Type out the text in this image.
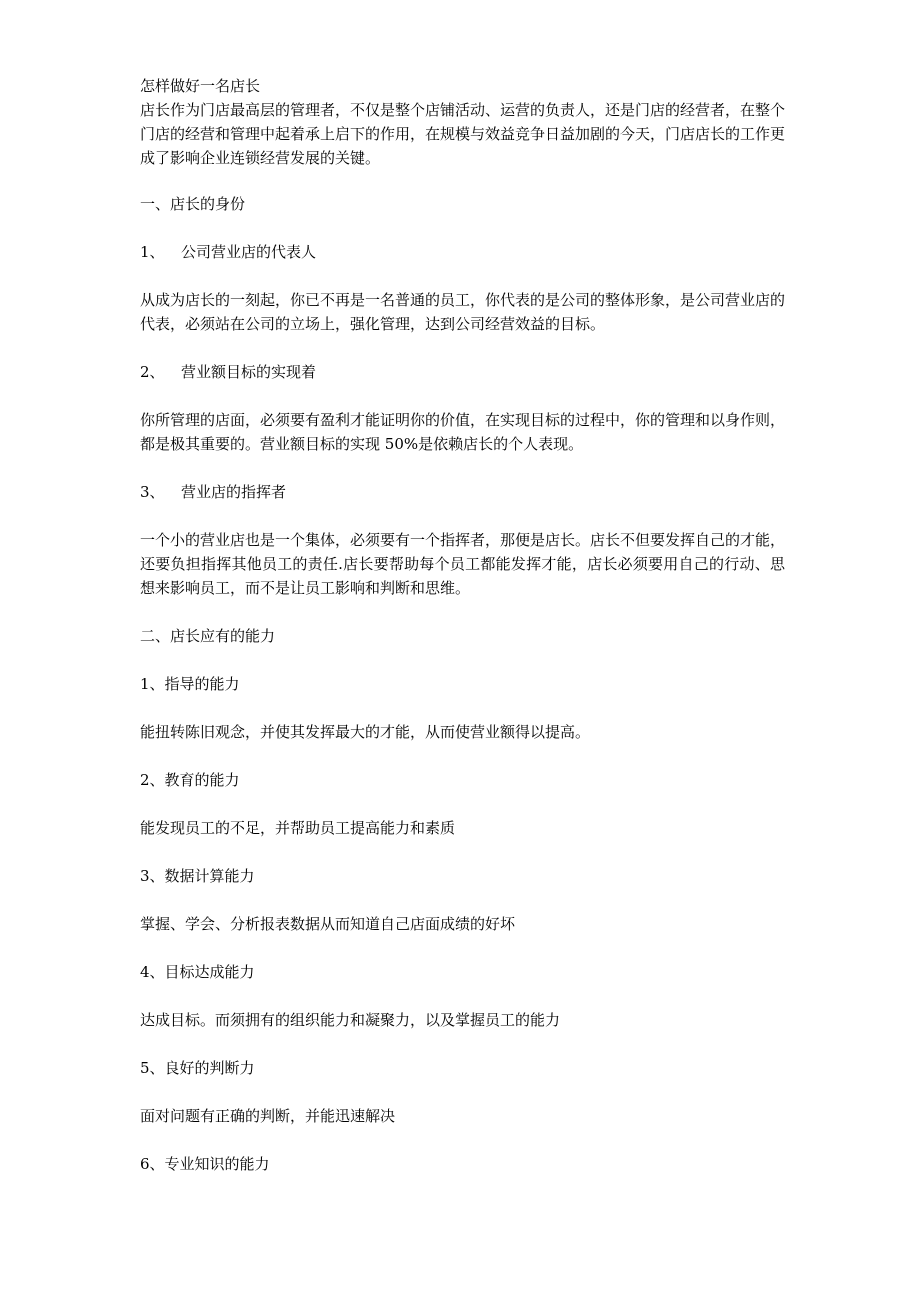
怎样做好一名店长

店长作为门店最高层的管理者，不仅是整个店铺活动、运营的负责人，还是门店的经营者，在整个门店的经营和管理中起着承上启下的作用，在规模与效益竞争日益加剧的今天，门店店长的工作更成了影响企业连锁经营发展的关键。

一、店长的身份

1、 公司营业店的代表人

从成为店长的一刻起，你已不再是一名普通的员工，你代表的是公司的整体形象，是公司营业店的代表，必须站在公司的立场上，强化管理，达到公司经营效益的目标。

2、 营业额目标的实现着

你所管理的店面，必须要有盈利才能证明你的价值，在实现目标的过程中，你的管理和以身作则，都是极其重要的。营业额目标的实现 50%是依赖店长的个人表现。

3、 营业店的指挥者

一个小的营业店也是一个集体，必须要有一个指挥者，那便是店长。店长不但要发挥自己的才能，还要负担指挥其他员工的责任.店长要帮助每个员工都能发挥才能，店长必须要用自己的行动、思想来影响员工，而不是让员工影响和判断和思维。

二、店长应有的能力

1、指导的能力

能扭转陈旧观念，并使其发挥最大的才能，从而使营业额得以提高。

2、教育的能力

能发现员工的不足，并帮助员工提高能力和素质

3、数据计算能力

掌握、学会、分析报表数据从而知道自己店面成绩的好坏

4、目标达成能力

达成目标。而须拥有的组织能力和凝聚力，以及掌握员工的能力

5、良好的判断力

面对问题有正确的判断，并能迅速解决

6、专业知识的能力
